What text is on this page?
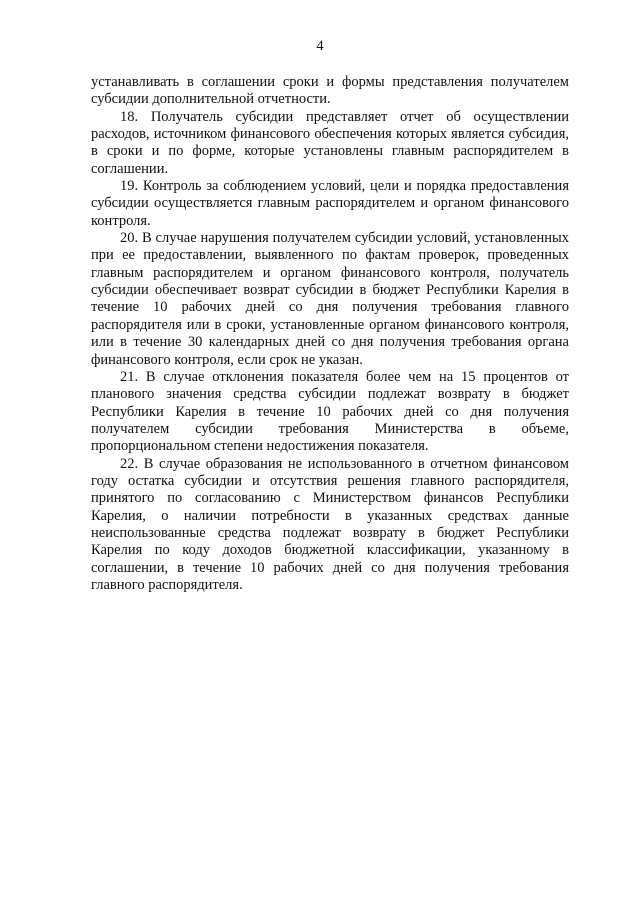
4

устанавливать в соглашении сроки и формы представления получателем субсидии дополнительной отчетности.

18. Получатель субсидии представляет отчет об осуществлении расходов, источником финансового обеспечения которых является субсидия, в сроки и по форме, которые установлены главным распорядителем в соглашении.

19. Контроль за соблюдением условий, цели и порядка предоставления субсидии осуществляется главным распорядителем и органом финансового контроля.

20. В случае нарушения получателем субсидии условий, установленных при ее предоставлении, выявленного по фактам проверок, проведенных главным распорядителем и органом финансового контроля, получатель субсидии обеспечивает возврат субсидии в бюджет Республики Карелия в течение 10 рабочих дней со дня получения требования главного распорядителя или в сроки, установленные органом финансового контроля, или в течение 30 календарных дней со дня получения требования органа финансового контроля, если срок не указан.

21. В случае отклонения показателя более чем на 15 процентов от планового значения средства субсидии подлежат возврату в бюджет Республики Карелия в течение 10 рабочих дней со дня получения получателем субсидии требования Министерства в объеме, пропорциональном степени недостижения показателя.

22. В случае образования не использованного в отчетном финансовом году остатка субсидии и отсутствия решения главного распорядителя, принятого по согласованию с Министерством финансов Республики Карелия, о наличии потребности в указанных средствах данные неиспользованные средства подлежат возврату в бюджет Республики Карелия по коду доходов бюджетной классификации, указанному в соглашении, в течение 10 рабочих дней со дня получения требования главного распорядителя.
